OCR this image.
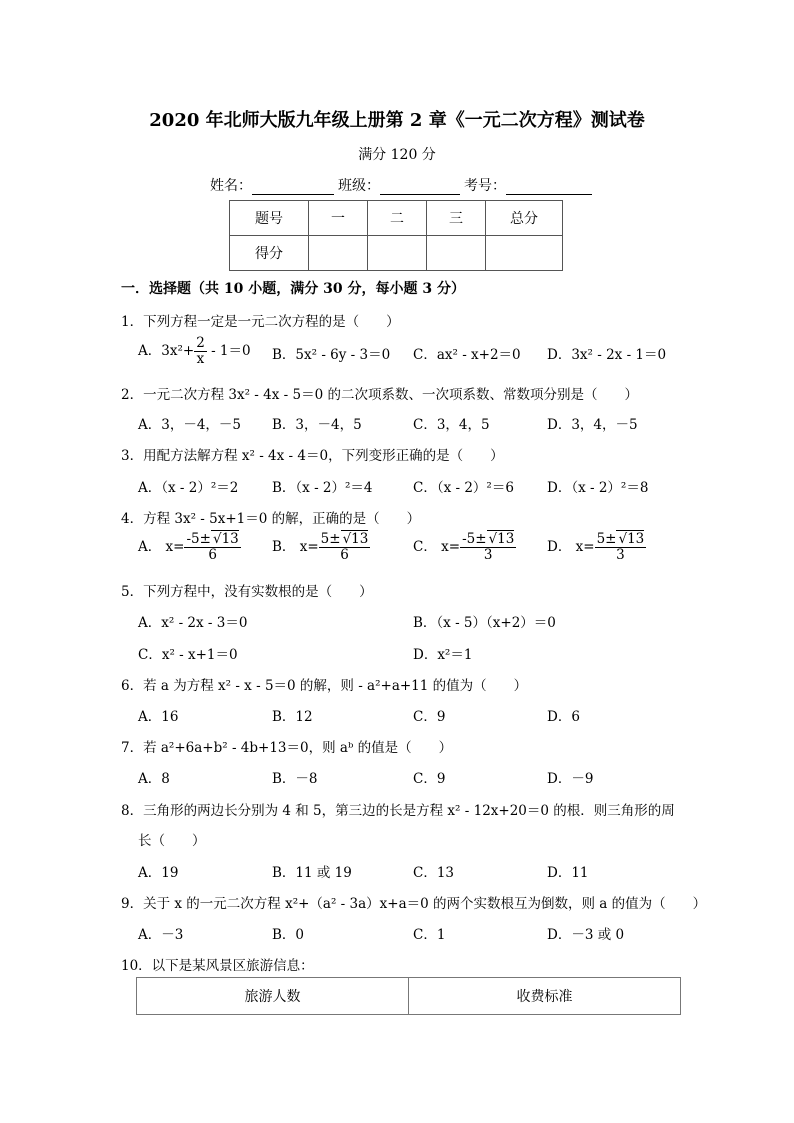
2020 年北师大版九年级上册第 2 章《一元二次方程》测试卷
满分 120 分
姓名：	班级：	考号：
题号	一	二	三	总分
得分				
一．选择题（共 10 小题，满分 30 分，每小题 3 分）
1．下列方程一定是一元二次方程的是（　　）
A．$3x^2+ \frac{2}{x} - 1=0$ B．5x² - 6y - 3＝0 C．ax² - x+2＝0 D．3x² - 2x - 1＝0
2．一元二次方程 3x² - 4x - 5＝0 的二次项系数、一次项系数、常数项分别是（　　）
A．3，－4，－5 B．3，－4，5	C．3，4，5	D．3，4，－5
3．用配方法解方程 x² - 4x - 4＝0，下列变形正确的是（　　）
A．（x - 2）²＝2 B．（x - 2）²＝4	C．（x - 2）²＝6 D．（x - 2）²＝8
4．方程 3x² - 5x+1＝0 的解，正确的是（　　）
A． $x= \frac{-5\pm √13}{6}$ B． $x= \frac{5\pm √13}{6}$	C． $x= \frac{-5\pm √13}{3}$ D． $x= \frac{5\pm √13}{3}$
5．下列方程中，没有实数根的是（　　）
A．x² - 2x - 3＝0	B．（x - 5）（x+2）＝0
C．x² - x+1＝0	D．x²＝1
6．若 a 为方程 x² - x - 5＝0 的解，则 - a²+a+11 的值为（　　）
A．16	B．12	C．9	D．6
7．若 a²+6a+b² - 4b+13＝0，则 aᵇ 的值是（　　）
A．8	B．－8	C．9	D．－9
8．三角形的两边长分别为 4 和 5，第三边的长是方程 x² - 12x+20＝0 的根．则三角形的周
长（　　）
A．19	B．11 或 19	C．13	D．11
9．关于 x 的一元二次方程 x²+（a² - 3a）x+a＝0 的两个实数根互为倒数，则 a 的值为（　　）
A．－3	B．0	C．1	D．－3 或 0
10．以下是某风景区旅游信息：
旅游人数	收费标准
